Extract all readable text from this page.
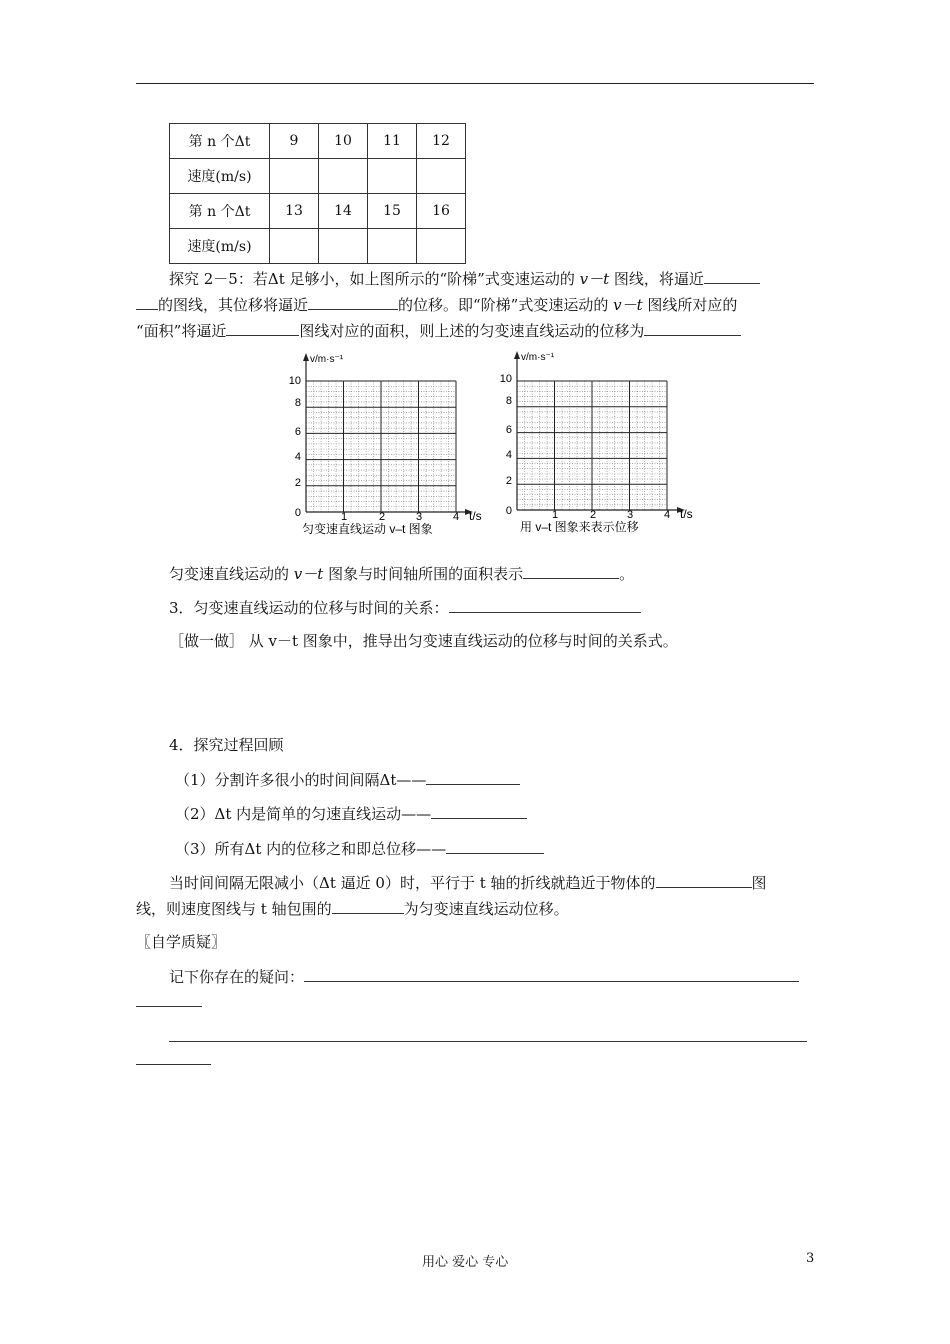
第 n 个Δt	9	10	11	12
速度(m/s)				
第 n 个Δt	13	14	15	16
速度(m/s)				
探究 2－5：若Δt 足够小，如上图所示的“阶梯”式变速运动的 v－t 图线，将逼近
的图线，其位移将逼近	的位移。即“阶梯”式变速运动的 v－t 图线所对应的
“面积”将逼近	图线对应的面积，则上述的匀变速直线运动的位移为
v/m·s⁻¹
t/s
0
2
4
6
8
10
1	2	3	4
匀变速直线运动 v–t 图象
v/m·s⁻¹
t/s
0
2
4
6
8
10
1	2	3	4
用 v–t 图象来表示位移
匀变速直线运动的 v－t 图象与时间轴所围的面积表示	。
3．匀变速直线运动的位移与时间的关系：
［做一做］ 从 v－t 图象中，推导出匀变速直线运动的位移与时间的关系式。
4．探究过程回顾
（1）分割许多很小的时间间隔Δt——
（2）Δt 内是简单的匀速直线运动——
（3）所有Δt 内的位移之和即总位移——
当时间间隔无限减小（Δt 逼近 0）时，平行于 t 轴的折线就趋近于物体的	图
线，则速度图线与 t 轴包围的	为匀变速直线运动位移。
〖自学质疑〗
记下你存在的疑问：
用心 爱心 专心	3
